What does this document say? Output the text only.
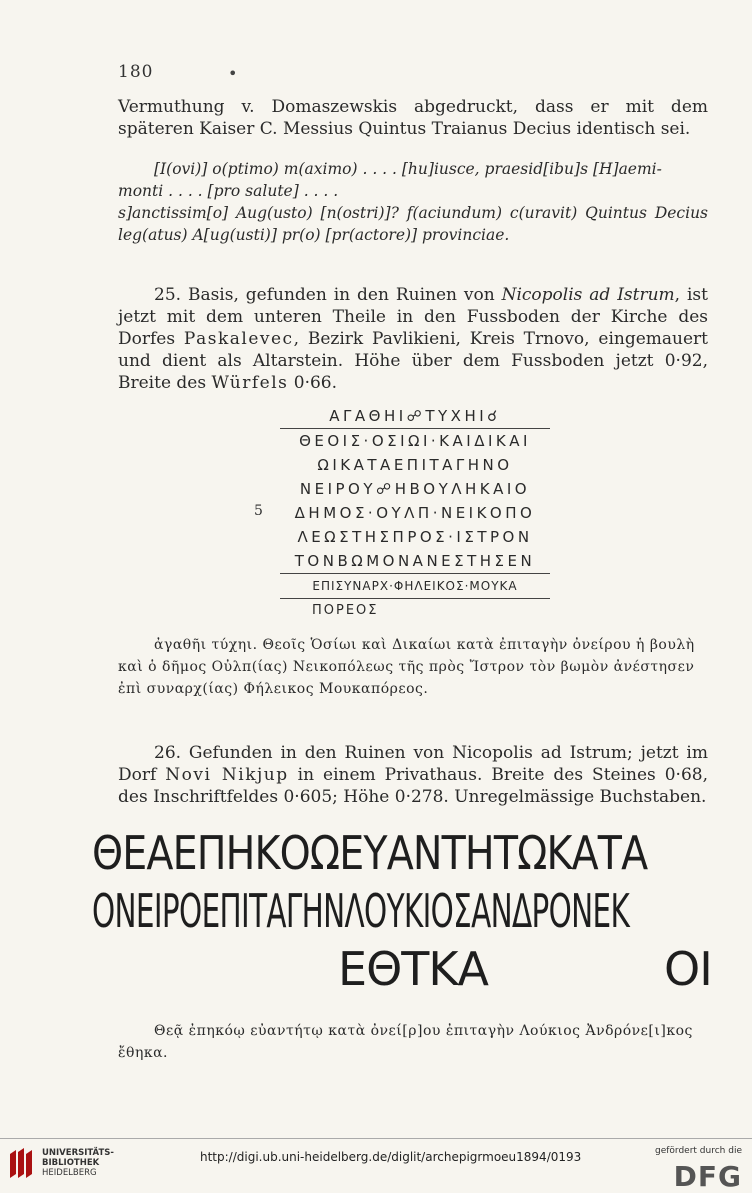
180	•
Vermuthung v. Domaszewskis abgedruckt, dass er mit dem späteren Kaiser C. Messius Quintus Traianus Decius identisch sei.
[I(ovi)] o(ptimo) m(aximo) . . . . [hu]iusce, praesid[ibu]s [H]aemi-
monti . . . . [pro salute] . . . .
s]anctissim[o] Aug(usto) [n(ostri)]? f(aciundum) c(uravit) Quintus Decius leg(atus) A[ug(usti)] pr(o) [pr(actore)] provinciae.
25. Basis, gefunden in den Ruinen von Nicopolis ad Istrum, ist jetzt mit dem unteren Theile in den Fussboden der Kirche des Dorfes Paskalevec, Bezirk Pavlikieni, Kreis Trnovo, eingemauert und dient als Altarstein. Höhe über dem Fussboden jetzt 0·92, Breite des Würfels 0·66.
5
ΑΓΑΘΗΙ☍ΤΥΧΗΙ☌
ΘΕΟΙΣ·ΟΣΙΩΙ·ΚΑΙΔΙΚΑΙ
ΩΙΚΑΤΑΕΠΙΤΑΓΗΝΟ
ΝΕΙΡΟΥ☍ΗΒΟΥΛΗΚΑΙΟ
ΔΗΜΟΣ·ΟΥΛΠ·ΝΕΙΚΟΠΟ
ΛΕΩΣΤΗΣΠΡΟΣ·ΙΣΤΡΟΝ
ΤΟΝΒΩΜΟΝΑΝΕΣΤΗΣΕΝ
ΕΠΙΣΥΝΑΡΧ·ΦΗΛΕΙΚΟΣ·ΜΟΥΚΑ
ΠΟΡΕΟΣ
ἀγαθῆι τύχηι. Θεοῖς Ὁσίωι καὶ Δικαίωι κατὰ ἐπιταγὴν ὀνείρου ἡ βουλὴ καὶ ὁ δῆμος Οὐλπ(ίας) Νεικοπόλεως τῆς πρὸς Ἴστρον τὸν βωμὸν ἀνέστησεν ἐπὶ συναρχ(ίας) Φήλεικος Μουκαπόρεος.
26. Gefunden in den Ruinen von Nicopolis ad Istrum; jetzt im Dorf Novi Nikjup in einem Privathaus. Breite des Steines 0·68, des Inschriftfeldes 0·605; Höhe 0·278. Unregelmässige Buchstaben.
ΘΕΑΕΠΗΚΟΩΕΥΑΝΤΗΤΩΚΑΤΑ
ΟΝΕΙΡΟΕΠΙΤΑΓΗΝΛΟΥΚΙΟΣΑΝΔΡΟΝΕΚ
ΕΘΤΚΑ	ΟΙ
Θεᾷ ἐπηκόῳ εὐαντήτῳ κατὰ ὀνεί[ρ]ου ἐπιταγὴν Λούκιος Ἀνδρόνε[ι]κος ἔθηκα.
UNIVERSITÄTS-
BIBLIOTHEK
HEIDELBERG
http://digi.ub.uni-heidelberg.de/diglit/archepigrmoeu1894/0193	gefördert durch die
DFG
